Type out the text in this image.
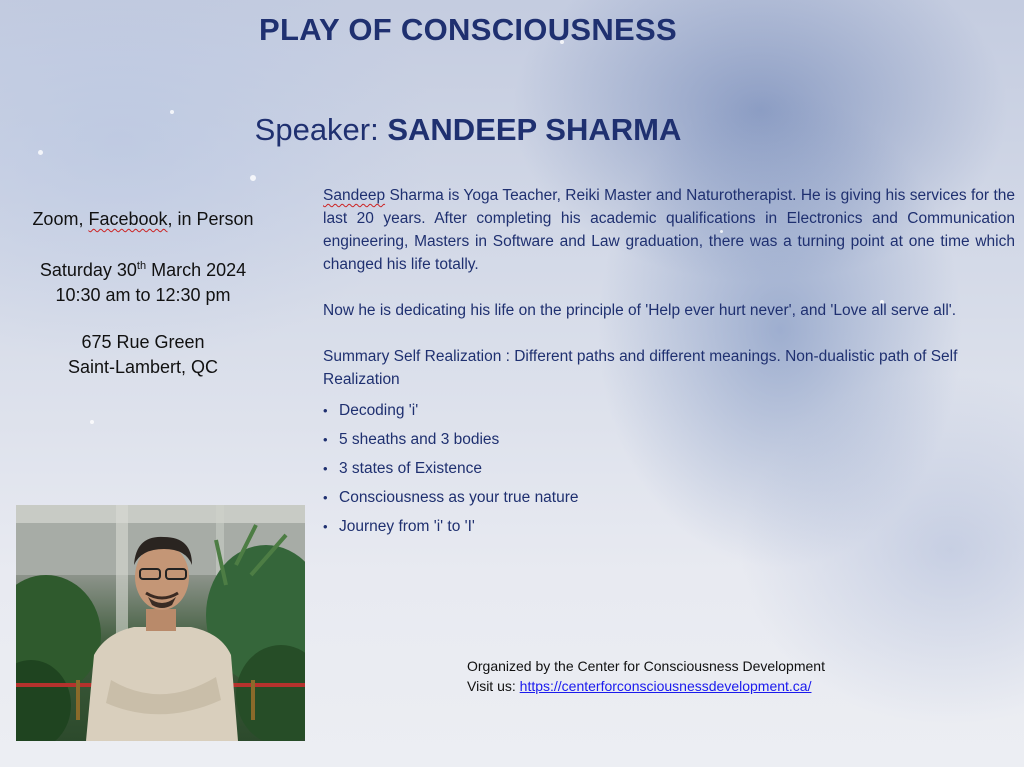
PLAY OF CONSCIOUSNESS
Speaker: SANDEEP SHARMA
Zoom, Facebook, in Person
Saturday 30th March 2024
10:30 am to 12:30 pm
675 Rue Green
Saint-Lambert, QC

Sandeep Sharma is Yoga Teacher, Reiki Master and Naturotherapist. He is giving his services for the last 20 years. After completing his academic qualifications in Electronics and Communication engineering, Masters in Software and Law graduation, there was a turning point at one time which changed his life totally.

Now he is dedicating his life on the principle of 'Help ever hurt never', and 'Love all serve all'.

Summary Self Realization : Different paths and different meanings. Non-dualistic path of Self Realization

• Decoding 'i'
• 5 sheaths and 3 bodies
• 3 states of Existence
• Consciousness as your true nature
• Journey from 'i' to 'I'
Organized by the Center for Consciousness Development
Visit us: https://centerforconsciousnessdevelopment.ca/
